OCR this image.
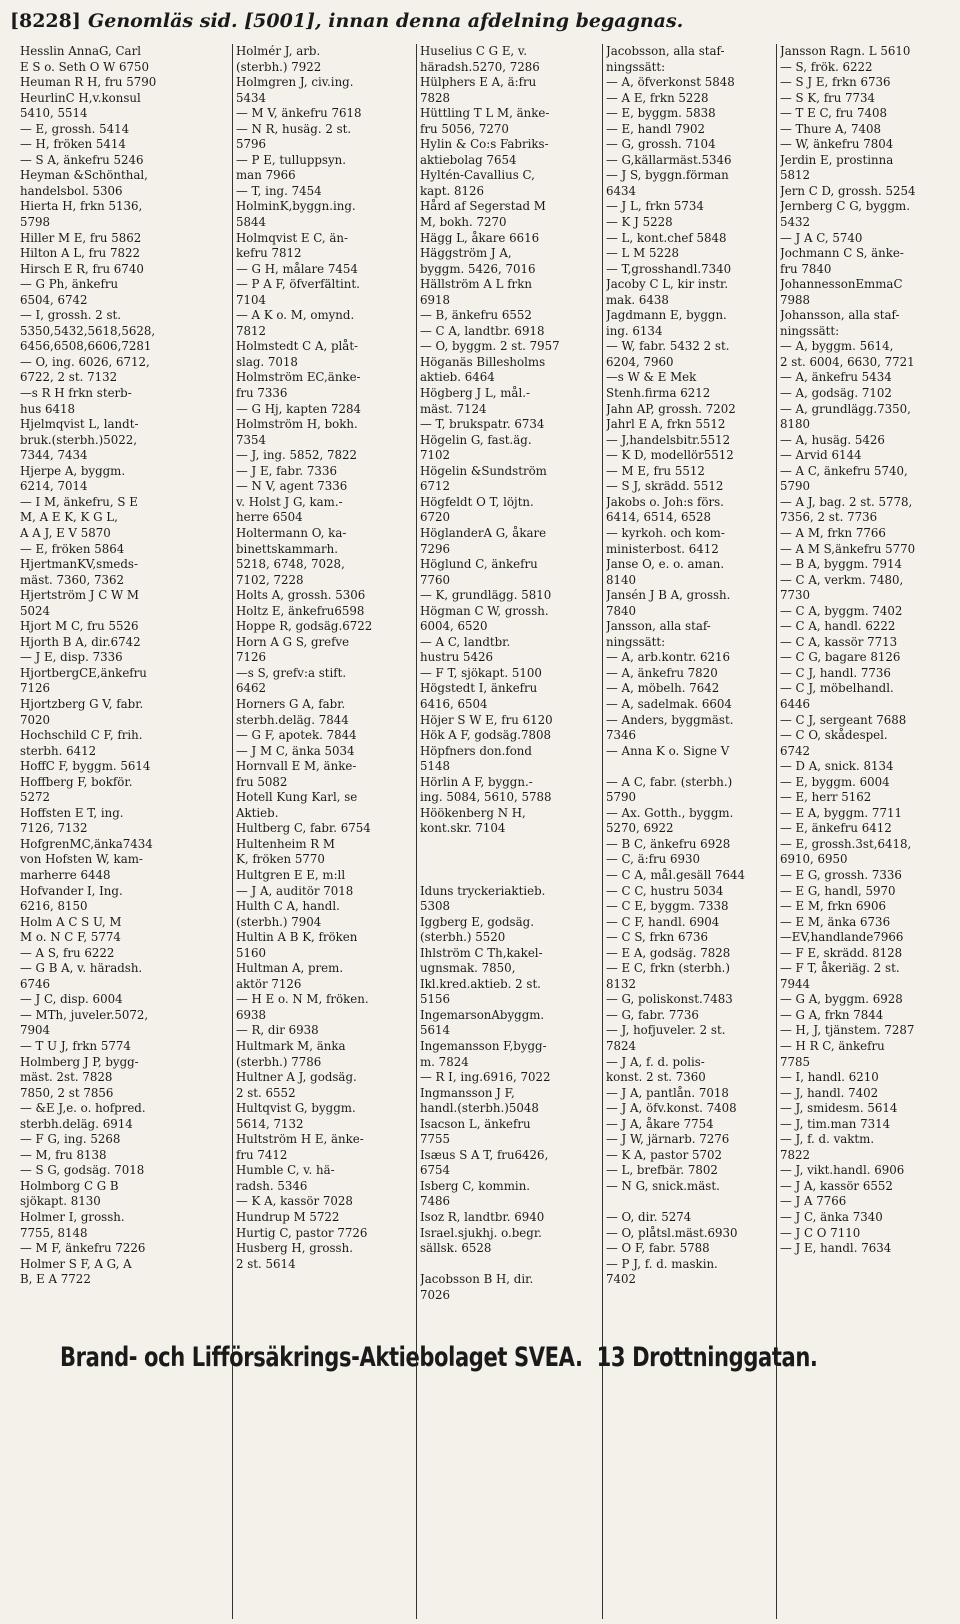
[8228] Genomläs sid. [5001], innan denna afdelning begagnas.
Hesslin AnnaG, Carl
E S o. Seth O W 6750
Heuman R H, fru 5790
HeurlinC H,v.konsul
5410, 5514
— E, grossh. 5414
— H, fröken 5414
— S A, änkefru 5246
Heyman &Schönthal,
handelsbol. 5306
Hierta H, frkn 5136,
5798
Hiller M E, fru 5862
Hilton A L, fru 7822
Hirsch E R, fru 6740
— G Ph, änkefru
6504, 6742
— I, grossh. 2 st.
5350,5432,5618,5628,
6456,6508,6606,7281
— O, ing. 6026, 6712,
6722, 2 st. 7132
—s R H frkn sterb-
hus 6418
Hjelmqvist L, landt-
bruk.(sterbh.)5022,
7344, 7434
Hjerpe A, byggm.
6214, 7014
— I M, änkefru, S E
M, A E K, K G L,
A A J, E V 5870
— E, fröken 5864
HjertmanKV,smeds-
mäst. 7360, 7362
Hjertström J C W M
5024
Hjort M C, fru 5526
Hjorth B A, dir.6742
— J E, disp. 7336
HjortbergCE,änkefru
7126
Hjortzberg G V, fabr.
7020
Hochschild C F, frih.
sterbh. 6412
HoffC F, byggm. 5614
Hoffberg F, bokför.
5272
Hoffsten E T, ing.
7126, 7132
HofgrenMC,änka7434
von Hofsten W, kam-
marherre 6448
Hofvander I, Ing.
6216, 8150
Holm A C S U, M
M o. N C F, 5774
— A S, fru 6222
— G B A, v. häradsh.
6746
— J C, disp. 6004
— MTh, juveler.5072,
7904
— T U J, frkn 5774
Holmberg J P, bygg-
mäst. 2st. 7828
7850, 2 st 7856
— &E J,e. o. hofpred.
sterbh.deläg. 6914
— F G, ing. 5268
— M, fru 8138
— S G, godsäg. 7018
Holmborg C G B
sjökapt. 8130
Holmer I, grossh.
7755, 8148
— M F, änkefru 7226
Holmer S F, A G, A
B, E A 7722
Holmér J, arb.
(sterbh.) 7922
Holmgren J, civ.ing.
5434
— M V, änkefru 7618
— N R, husäg. 2 st.
5796
— P E, tulluppsyn.
man 7966
— T, ing. 7454
HolminK,byggn.ing.
5844
Holmqvist E C, än-
kefru 7812
— G H, målare 7454
— P A F, öfverfältint.
7104
— A K o. M, omynd.
7812
Holmstedt C A, plåt-
slag. 7018
Holmström EC,änke-
fru 7336
— G Hj, kapten 7284
Holmström H, bokh.
7354
— J, ing. 5852, 7822
— J E, fabr. 7336
— N V, agent 7336
v. Holst J G, kam.-
herre 6504
Holtermann O, ka-
binettskammarh.
5218, 6748, 7028,
7102, 7228
Holts A, grossh. 5306
Holtz E, änkefru6598
Hoppe R, godsäg.6722
Horn A G S, grefve
7126
—s S, grefv:a stift.
6462
Horners G A, fabr.
sterbh.deläg. 7844
— G F, apotek. 7844
— J M C, änka 5034
Hornvall E M, änke-
fru 5082
Hotell Kung Karl, se
Aktieb.
Hultberg C, fabr. 6754
Hultenheim R M
K, fröken 5770
Hultgren E E, m:ll
— J A, auditör 7018
Hulth C A, handl.
(sterbh.) 7904
Hultin A B K, fröken
5160
Hultman A, prem.
aktör 7126
— H E o. N M, fröken.
6938
— R, dir 6938
Hultmark M, änka
(sterbh.) 7786
Hultner A J, godsäg.
2 st. 6552
Hultqvist G, byggm.
5614, 7132
Hultström H E, änke-
fru 7412
Humble C, v. hä-
radsh. 5346
— K A, kassör 7028
Hundrup M 5722
Hurtig C, pastor 7726
Husberg H, grossh.
2 st. 5614
Huselius C G E, v.
häradsh.5270, 7286
Hülphers E A, ä:fru
7828
Hüttling T L M, änke-
fru 5056, 7270
Hylin & Co:s Fabriks-
aktiebolag 7654
Hyltén-Cavallius C,
kapt. 8126
Hård af Segerstad M
M, bokh. 7270
Hägg L, åkare 6616
Häggström J A,
byggm. 5426, 7016
Hällström A L frkn
6918
— B, änkefru 6552
— C A, landtbr. 6918
— O, byggm. 2 st. 7957
Höganäs Billesholms
aktieb. 6464
Högberg J L, mål.-
mäst. 7124
— T, brukspatr. 6734
Högelin G, fast.äg.
7102
Högelin &Sundström
6712
Högfeldt O T, löjtn.
6720
HöglanderA G, åkare
7296
Höglund C, änkefru
7760
— K, grundlägg. 5810
Högman C W, grossh.
6004, 6520
— A C, landtbr.
hustru 5426
— F T, sjökapt. 5100
Högstedt I, änkefru
6416, 6504
Höjer S W E, fru 6120
Hök A F, godsäg.7808
Höpfners don.fond
5148
Hörlin A F, byggn.-
ing. 5084, 5610, 5788
Höökenberg N H,
kont.skr. 7104

Iduns tryckeriaktieb.
5308
Iggberg E, godsäg.
(sterbh.) 5520
Ihlström C Th,kakel-
ugnsmak. 7850,
Ikl.kred.aktieb. 2 st.
5156
IngemarsonAbyggm.
5614
Ingemansson F,bygg-
m. 7824
— R I, ing.6916, 7022
Ingmansson J F,
handl.(sterbh.)5048
Isacson L, änkefru
7755
Isæus S A T, fru6426,
6754
Isberg C, kommin.
7486
Isoz R, landtbr. 6940
Israel.sjukhj. o.begr.
sällsk. 6528

Jacobsson B H, dir.
7026
Jacobsson, alla staf-
ningssätt:
— A, öfverkonst 5848
— A E, frkn 5228
— E, byggm. 5838
— E, handl 7902
— G, grossh. 7104
— G,källarmäst.5346
— J S, byggn.förman
6434
— J L, frkn 5734
— K J 5228
— L, kont.chef 5848
— L M 5228
— T,grosshandl.7340
Jacoby C L, kir instr.
mak. 6438
Jagdmann E, byggn.
ing. 6134
— W, fabr. 5432 2 st.
6204, 7960
—s W & E Mek
Stenh.firma 6212
Jahn AP, grossh. 7202
Jahrl E A, frkn 5512
— J,handelsbitr.5512
— K D, modellör5512
— M E, fru 5512
— S J, skrädd. 5512
Jakobs o. Joh:s förs.
6414, 6514, 6528
— kyrkoh. och kom-
ministerbost. 6412
Janse O, e. o. aman.
8140
Jansén J B A, grossh.
7840
Jansson, alla staf-
ningssätt:
— A, arb.kontr. 6216
— A, änkefru 7820
— A, möbelh. 7642
— A, sadelmak. 6604
— Anders, byggmäst.
7346
— Anna K o. Signe V

— A C, fabr. (sterbh.)
5790
— Ax. Gotth., byggm.
5270, 6922
— B C, änkefru 6928
— C, ä:fru 6930
— C A, mål.gesäll 7644
— C C, hustru 5034
— C E, byggm. 7338
— C F, handl. 6904
— C S, frkn 6736
— E A, godsäg. 7828
— E C, frkn (sterbh.)
8132
— G, poliskonst.7483
— G, fabr. 7736
— J, hofjuveler. 2 st.
7824
— J A, f. d. polis-
konst. 2 st. 7360
— J A, pantlån. 7018
— J A, öfv.konst. 7408
— J A, åkare 7754
— J W, järnarb. 7276
— K A, pastor 5702
— L, brefbär. 7802
— N G, snick.mäst.

— O, dir. 5274
— O, plåtsl.mäst.6930
— O F, fabr. 5788
— P J, f. d. maskin.
7402
Jansson Ragn. L 5610
— S, frök. 6222
— S J E, frkn 6736
— S K, fru 7734
— T E C, fru 7408
— Thure A, 7408
— W, änkefru 7804
Jerdin E, prostinna
5812
Jern C D, grossh. 5254
Jernberg C G, byggm.
5432
— J A C, 5740
Jochmann C S, änke-
fru 7840
JohannessonEmmaC
7988
Johansson, alla staf-
ningssätt:
— A, byggm. 5614,
2 st. 6004, 6630, 7721
— A, änkefru 5434
— A, godsäg. 7102
— A, grundlägg.7350,
8180
— A, husäg. 5426
— Arvid 6144
— A C, änkefru 5740,
5790
— A J, bag. 2 st. 5778,
7356, 2 st. 7736
— A M, frkn 7766
— A M S,änkefru 5770
— B A, byggm. 7914
— C A, verkm. 7480,
7730
— C A, byggm. 7402
— C A, handl. 6222
— C A, kassör 7713
— C G, bagare 8126
— C J, handl. 7736
— C J, möbelhandl.
6446
— C J, sergeant 7688
— C O, skådespel.
6742
— D A, snick. 8134
— E, byggm. 6004
— E, herr 5162
— E A, byggm. 7711
— E, änkefru 6412
— E, grossh.3st,6418,
6910, 6950
— E G, grossh. 7336
— E G, handl, 5970
— E M, frkn 6906
— E M, änka 6736
—EV,handlande7966
— F E, skrädd. 8128
— F T, åkeriäg. 2 st.
7944
— G A, byggm. 6928
— G A, frkn 7844
— H, J, tjänstem. 7287
— H R C, änkefru
7785
— I, handl. 6210
— J, handl. 7402
— J, smidesm. 5614
— J, tim.man 7314
— J, f. d. vaktm.
7822
— J, vikt.handl. 6906
— J A, kassör 6552
— J A 7766
— J C, änka 7340
— J C O 7110
— J E, handl. 7634
Brand- och Lifförsäkrings-Aktiebolaget SVEA. 13 Drottninggatan.
